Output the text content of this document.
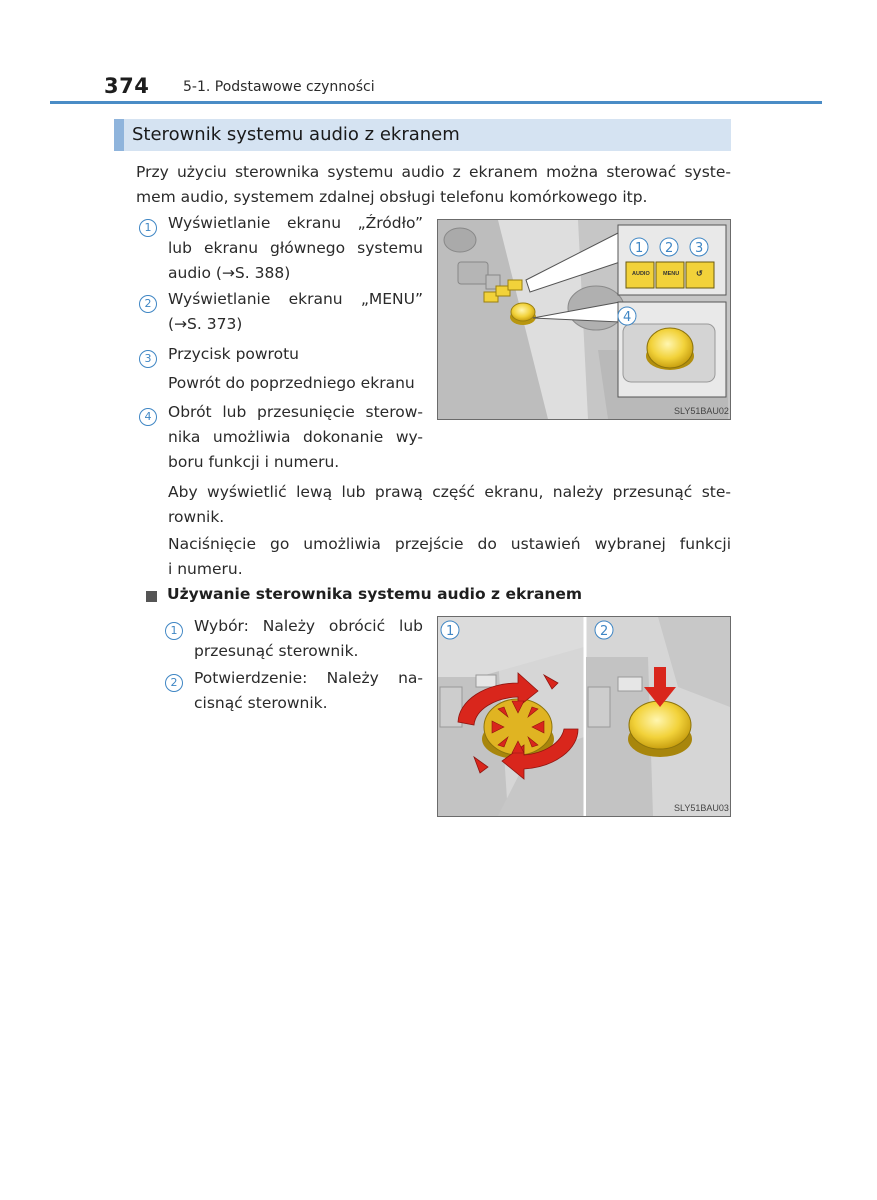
374 5-1. Podstawowe czynności
Sterownik systemu audio z ekranem
Przy użyciu sterownika systemu audio z ekranem można sterować syste-
mem audio, systemem zdalnej obsługi telefonu komórkowego itp.
1	Wyświetlanie ekranu „Źródło”
lub ekranu głównego systemu
audio (→S. 388)
2	Wyświetlanie ekranu „MENU”
(→S. 373)
3	Przycisk powrotu
Powrót do poprzedniego ekranu
4	Obrót lub przesunięcie sterow-
nika umożliwia dokonanie wy-
boru funkcji i numeru.
1 2 3
4
AUDIO MENU ↺
SLY51BAU02
Aby wyświetlić lewą lub prawą część ekranu, należy przesunąć ste-
rownik.
Naciśnięcie go umożliwia przejście do ustawień wybranej funkcji
i numeru.
Używanie sterownika systemu audio z ekranem
1	Wybór: Należy obrócić lub
przesunąć sterownik.
2	Potwierdzenie: Należy na-
cisnąć sterownik.
1	2
SLY51BAU03
